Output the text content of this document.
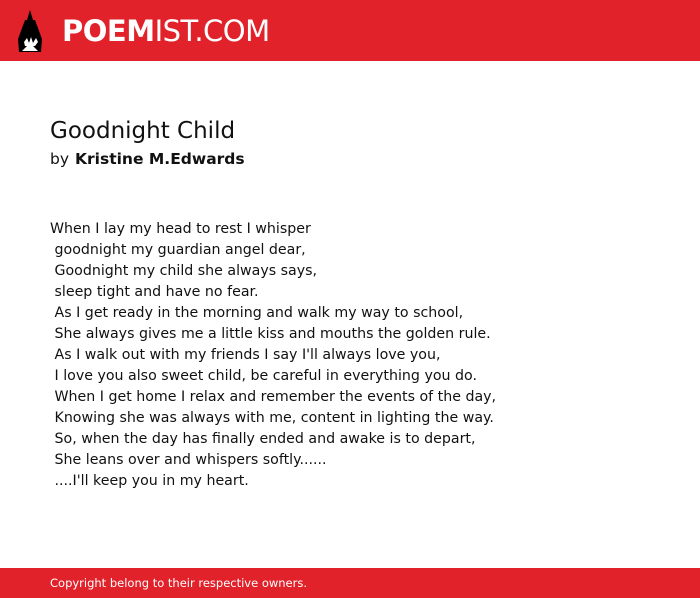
POEMIST.COM
Goodnight Child
by Kristine M.Edwards
When I lay my head to rest I whisper
goodnight my guardian angel dear,
Goodnight my child she always says,
sleep tight and have no fear.
As I get ready in the morning and walk my way to school,
She always gives me a little kiss and mouths the golden rule.
As I walk out with my friends I say I'll always love you,
I love you also sweet child, be careful in everything you do.
When I get home I relax and remember the events of the day,
Knowing she was always with me, content in lighting the way.
So, when the day has finally ended and awake is to depart,
She leans over and whispers softly......
....I'll keep you in my heart.
Copyright belong to their respective owners.
